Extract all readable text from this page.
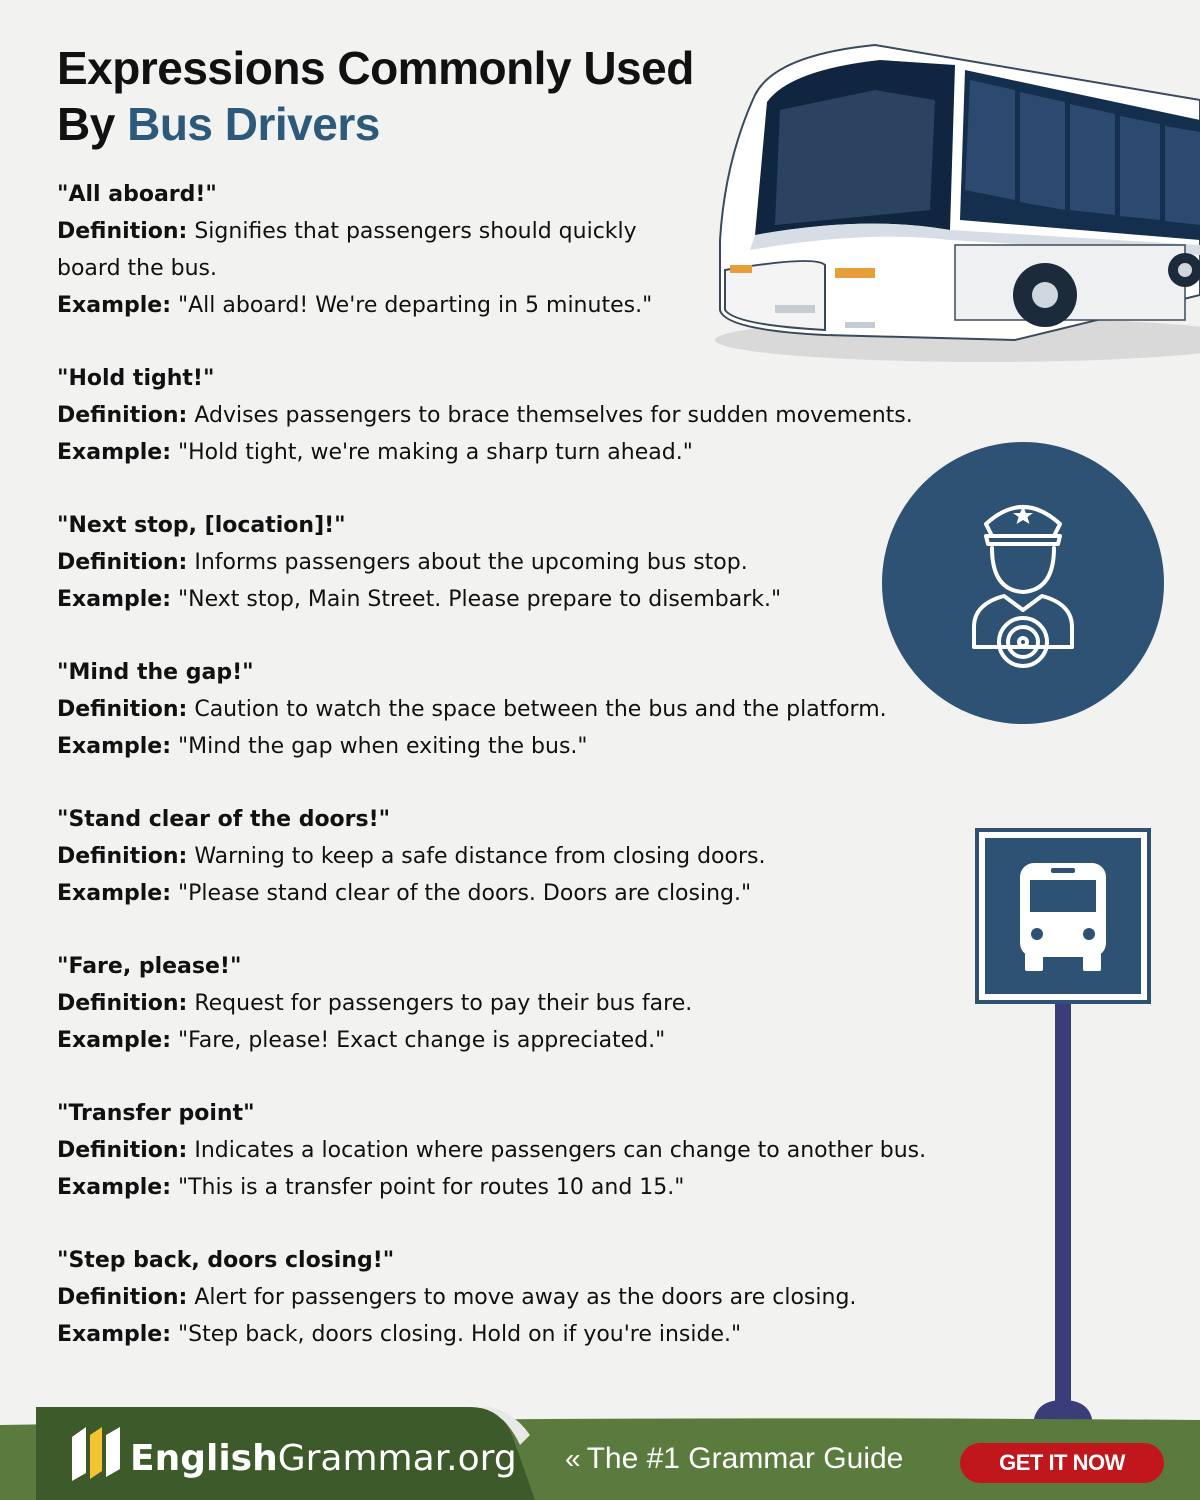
Expressions Commonly Used
By Bus Drivers
"All aboard!"
Definition: Signifies that passengers should quickly board the bus.
Example: "All aboard! We're departing in 5 minutes."
"Hold tight!"
Definition: Advises passengers to brace themselves for sudden movements.
Example: "Hold tight, we're making a sharp turn ahead."
"Next stop, [location]!"
Definition: Informs passengers about the upcoming bus stop.
Example: "Next stop, Main Street. Please prepare to disembark."
"Mind the gap!"
Definition: Caution to watch the space between the bus and the platform.
Example: "Mind the gap when exiting the bus."
"Stand clear of the doors!"
Definition: Warning to keep a safe distance from closing doors.
Example: "Please stand clear of the doors. Doors are closing."
"Fare, please!"
Definition: Request for passengers to pay their bus fare.
Example: "Fare, please! Exact change is appreciated."
"Transfer point"
Definition: Indicates a location where passengers can change to another bus.
Example: "This is a transfer point for routes 10 and 15."
"Step back, doors closing!"
Definition: Alert for passengers to move away as the doors are closing.
Example: "Step back, doors closing. Hold on if you're inside."
EnglishGrammar.org « The #1 Grammar Guide	GET IT NOW
